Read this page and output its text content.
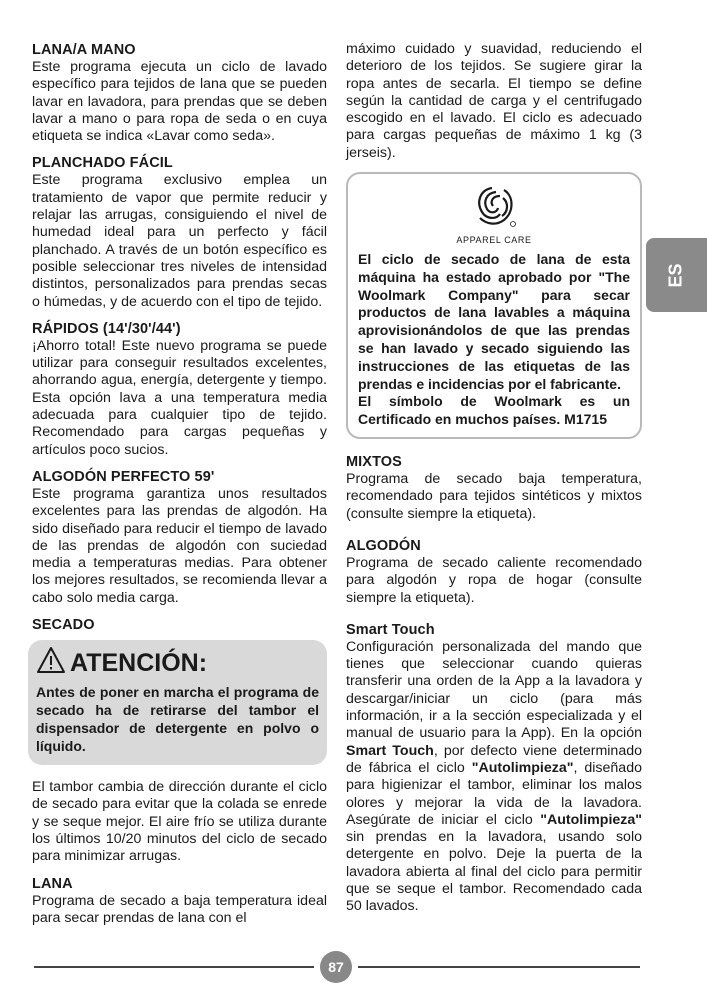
LANA/A MANO

Este programa ejecuta un ciclo de lavado específico para tejidos de lana que se pueden lavar en lavadora, para prendas que se deben lavar a mano o para ropa de seda o en cuya etiqueta se indica «Lavar como seda».

PLANCHADO FÁCIL

Este programa exclusivo emplea un tratamiento de vapor que permite reducir y relajar las arrugas, consiguiendo el nivel de humedad ideal para un perfecto y fácil planchado. A través de un botón específico es posible seleccionar tres niveles de intensidad distintos, personalizados para prendas secas o húmedas, y de acuerdo con el tipo de tejido.

RÁPIDOS (14'/30'/44')

¡Ahorro total! Este nuevo programa se puede utilizar para conseguir resultados excelentes, ahorrando agua, energía, detergente y tiempo. Esta opción lava a una temperatura media adecuada para cualquier tipo de tejido. Recomendado para cargas pequeñas y artículos poco sucios.

ALGODÓN PERFECTO 59'

Este programa garantiza unos resultados excelentes para las prendas de algodón. Ha sido diseñado para reducir el tiempo de lavado de las prendas de algodón con suciedad media a temperaturas medias. Para obtener los mejores resultados, se recomienda llevar a cabo solo media carga.

SECADO
ATENCIÓN:

Antes de poner en marcha el programa de secado ha de retirarse del tambor el dispensador de detergente en polvo o líquido.

El tambor cambia de dirección durante el ciclo de secado para evitar que la colada se enrede y se seque mejor. El aire frío se utiliza durante los últimos 10/20 minutos del ciclo de secado para minimizar arrugas.

LANA

Programa de secado a baja temperatura ideal para secar prendas de lana con el

máximo cuidado y suavidad, reduciendo el deterioro de los tejidos. Se sugiere girar la ropa antes de secarla. El tiempo se define según la cantidad de carga y el centrifugado escogido en el lavado. El ciclo es adecuado para cargas pequeñas de máximo 1 kg (3 jerseis).

APPAREL CARE

El ciclo de secado de lana de esta máquina ha estado aprobado por "The Woolmark Company" para secar productos de lana lavables a máquina aprovisionándolos de que las prendas se han lavado y secado siguiendo las instrucciones de las etiquetas de las prendas e incidencias por el fabricante.

El símbolo de Woolmark es un Certificado en muchos países. M1715

MIXTOS

Programa de secado baja temperatura, recomendado para tejidos sintéticos y mixtos (consulte siempre la etiqueta).

ALGODÓN

Programa de secado caliente recomendado para algodón y ropa de hogar (consulte siempre la etiqueta).

Smart Touch

Configuración personalizada del mando que tienes que seleccionar cuando quieras transferir una orden de la App a la lavadora y descargar/iniciar un ciclo (para más información, ir a la sección especializada y el manual de usuario para la App). En la opción Smart Touch, por defecto viene determinado de fábrica el ciclo "Autolimpieza", diseñado para higienizar el tambor, eliminar los malos olores y mejorar la vida de la lavadora. Asegúrate de iniciar el ciclo "Autolimpieza" sin prendas en la lavadora, usando solo detergente en polvo. Deje la puerta de la lavadora abierta al final del ciclo para permitir que se seque el tambor. Recomendado cada 50 lavados.

ES
87
